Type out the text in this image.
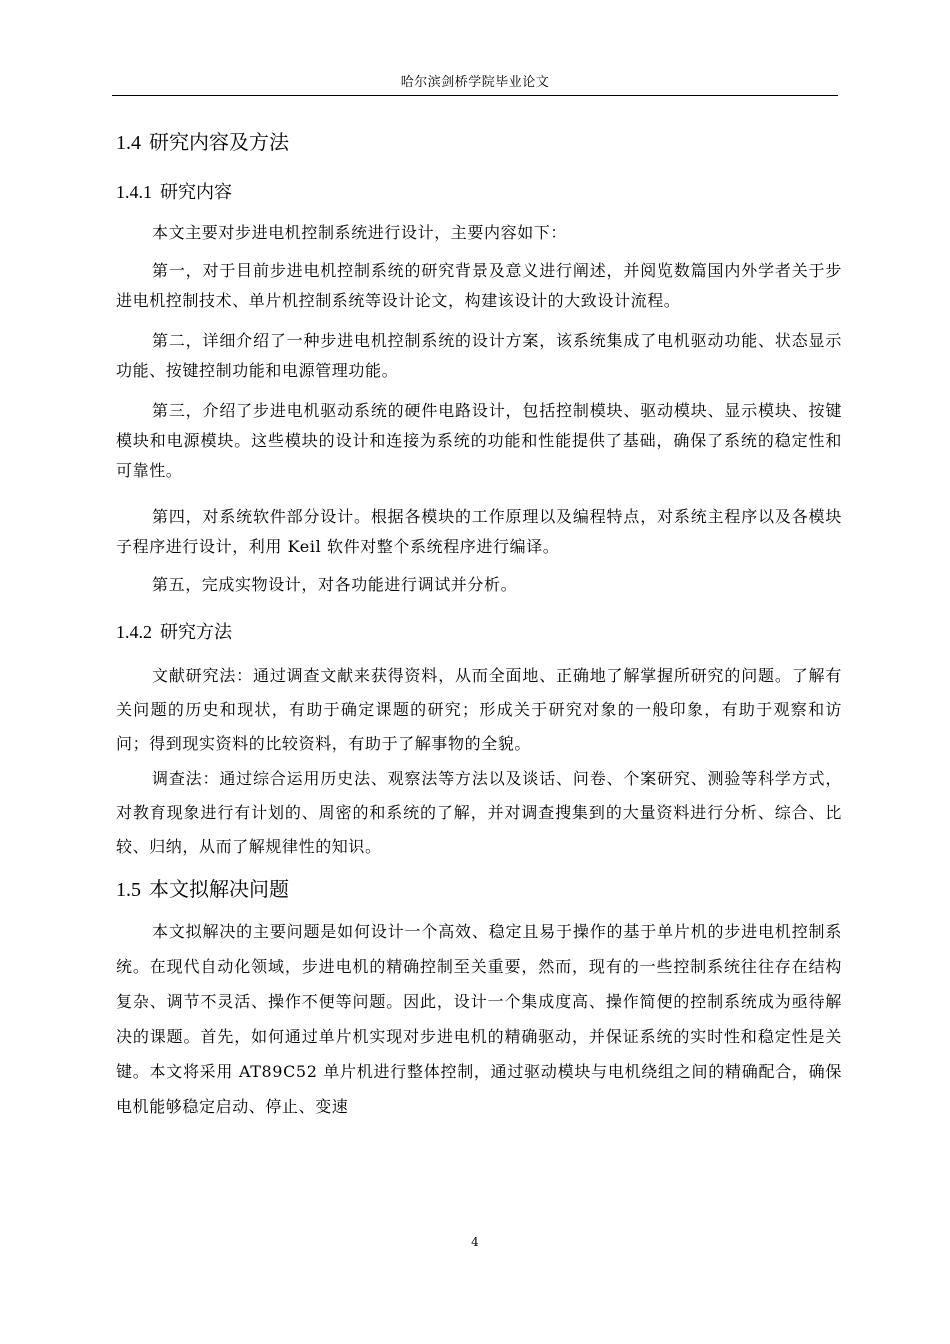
哈尔滨剑桥学院毕业论文
1.4 研究内容及方法
1.4.1 研究内容

本文主要对步进电机控制系统进行设计，主要内容如下：

第一，对于目前步进电机控制系统的研究背景及意义进行阐述，并阅览数篇国内外学者关于步进电机控制技术、单片机控制系统等设计论文，构建该设计的大致设计流程。

第二，详细介绍了一种步进电机控制系统的设计方案，该系统集成了电机驱动功能、状态显示功能、按键控制功能和电源管理功能。

第三，介绍了步进电机驱动系统的硬件电路设计，包括控制模块、驱动模块、显示模块、按键模块和电源模块。这些模块的设计和连接为系统的功能和性能提供了基础，确保了系统的稳定性和可靠性。

第四，对系统软件部分设计。根据各模块的工作原理以及编程特点，对系统主程序以及各模块子程序进行设计，利用 Keil 软件对整个系统程序进行编译。

第五，完成实物设计，对各功能进行调试并分析。

1.4.2 研究方法

文献研究法：通过调查文献来获得资料，从而全面地、正确地了解掌握所研究的问题。了解有关问题的历史和现状，有助于确定课题的研究；形成关于研究对象的一般印象，有助于观察和访问；得到现实资料的比较资料，有助于了解事物的全貌。

调查法：通过综合运用历史法、观察法等方法以及谈话、问卷、个案研究、测验等科学方式，对教育现象进行有计划的、周密的和系统的了解，并对调查搜集到的大量资料进行分析、综合、比较、归纳，从而了解规律性的知识。

1.5 本文拟解决问题

本文拟解决的主要问题是如何设计一个高效、稳定且易于操作的基于单片机的步进电机控制系统。在现代自动化领域，步进电机的精确控制至关重要，然而，现有的一些控制系统往往存在结构复杂、调节不灵活、操作不便等问题。因此，设计一个集成度高、操作简便的控制系统成为亟待解决的课题。首先，如何通过单片机实现对步进电机的精确驱动，并保证系统的实时性和稳定性是关键。本文将采用 AT89C52 单片机进行整体控制，通过驱动模块与电机绕组之间的精确配合，确保电机能够稳定启动、停止、变速

4
